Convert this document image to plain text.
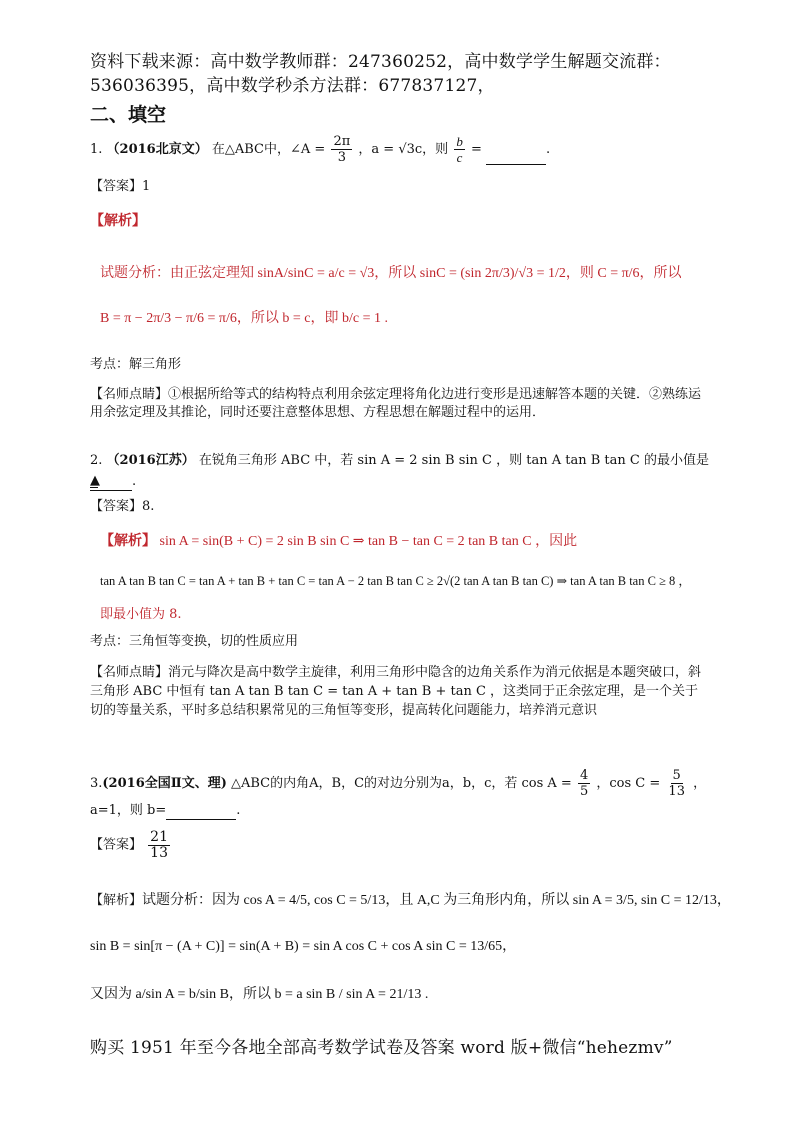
资料下载来源：高中数学教师群：247360252，高中数学学生解题交流群：
536036395，高中数学秒杀方法群：677837127，
二、填空
1. （2016北京文） 在△ABC中，∠A = $\frac{2\pi}{3}$ ，a = √3c，则 $\frac{b}{c}$ =	.
【答案】1
【解析】
试题分析：由正弦定理知 sinA/sinC = a/c = √3，所以 sinC = (sin 2π/3)/√3 = 1/2，则 C = π/6，所以
B = π − 2π/3 − π/6 = π/6，所以 b = c，即 b/c = 1 .
考点：解三角形
【名师点睛】①根据所给等式的结构特点利用余弦定理将角化边进行变形是迅速解答本题的关键．②熟练运用余弦定理及其推论，同时还要注意整体思想、方程思想在解题过程中的运用．
2. （2016江苏） 在锐角三角形 ABC 中，若 sin A = 2 sin B sin C ，则 tan A tan B tan C 的最小值是
▲ .
【答案】8.
【解析】 sin A = sin(B + C) = 2 sin B sin C ⇒ tan B − tan C = 2 tan B tan C ，因此
tan A tan B tan C = tan A + tan B + tan C = tan A − 2 tan B tan C ≥ 2√(2 tan A tan B tan C) ⇒ tan A tan B tan C ≥ 8 ，
即最小值为 8.
考点：三角恒等变换，切的性质应用
【名师点睛】消元与降次是高中数学主旋律，利用三角形中隐含的边角关系作为消元依据是本题突破口，斜三角形 ABC 中恒有 tan A tan B tan C = tan A + tan B + tan C ，这类同于正余弦定理，是一个关于切的等量关系，平时多总结积累常见的三角恒等变形，提高转化问题能力，培养消元意识
3.(2016全国Ⅱ文、理) △ABC的内角A，B，C的对边分别为a，b，c，若 $\cos A = \frac{4}{5}$ ，$\cos C = \frac{5}{13}$ ，
a=1，则 b=	.
【答案】 $\frac{21}{13}$
【解析】试题分析：因为 cos A = 4/5, cos C = 5/13，且 A,C 为三角形内角，所以 sin A = 3/5, sin C = 12/13，
sin B = sin[π − (A + C)] = sin(A + B) = sin A cos C + cos A sin C = 13/65，
又因为 a/sin A = b/sin B，所以 b = a sin B / sin A = 21/13 .
购买 1951 年至今各地全部高考数学试卷及答案 word 版+微信“hehezmv”
